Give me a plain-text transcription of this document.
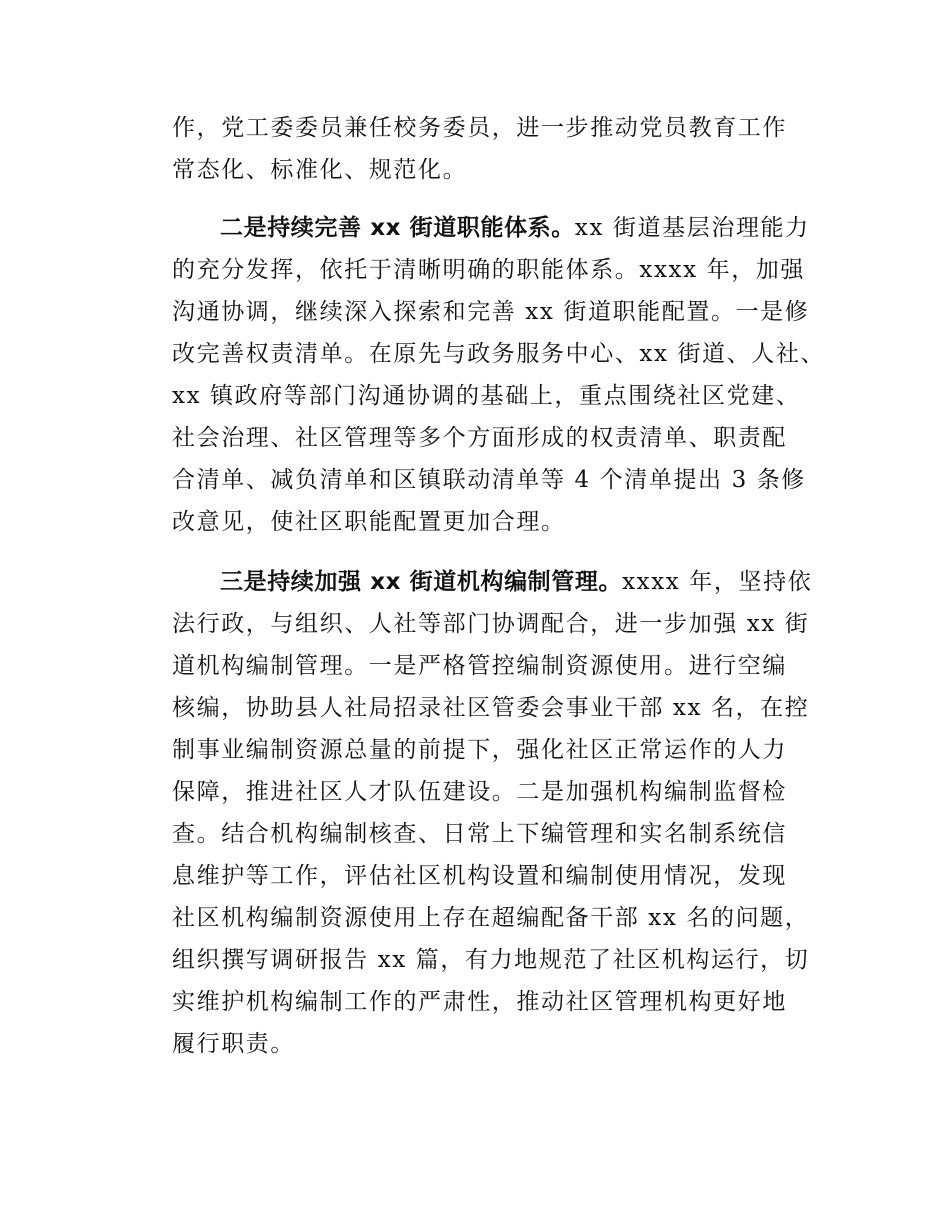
作，党工委委员兼任校务委员，进一步推动党员教育工作
常态化、标准化、规范化。
二是持续完善 xx 街道职能体系。xx 街道基层治理能力
的充分发挥，依托于清晰明确的职能体系。xxxx 年，加强
沟通协调，继续深入探索和完善 xx 街道职能配置。一是修
改完善权责清单。在原先与政务服务中心、xx 街道、人社、
xx 镇政府等部门沟通协调的基础上，重点围绕社区党建、
社会治理、社区管理等多个方面形成的权责清单、职责配
合清单、减负清单和区镇联动清单等 4 个清单提出 3 条修
改意见，使社区职能配置更加合理。
三是持续加强 xx 街道机构编制管理。xxxx 年，坚持依
法行政，与组织、人社等部门协调配合，进一步加强 xx 街
道机构编制管理。一是严格管控编制资源使用。进行空编
核编，协助县人社局招录社区管委会事业干部 xx 名，在控
制事业编制资源总量的前提下，强化社区正常运作的人力
保障，推进社区人才队伍建设。二是加强机构编制监督检
查。结合机构编制核查、日常上下编管理和实名制系统信
息维护等工作，评估社区机构设置和编制使用情况，发现
社区机构编制资源使用上存在超编配备干部 xx 名的问题，
组织撰写调研报告 xx 篇，有力地规范了社区机构运行，切
实维护机构编制工作的严肃性，推动社区管理机构更好地
履行职责。
